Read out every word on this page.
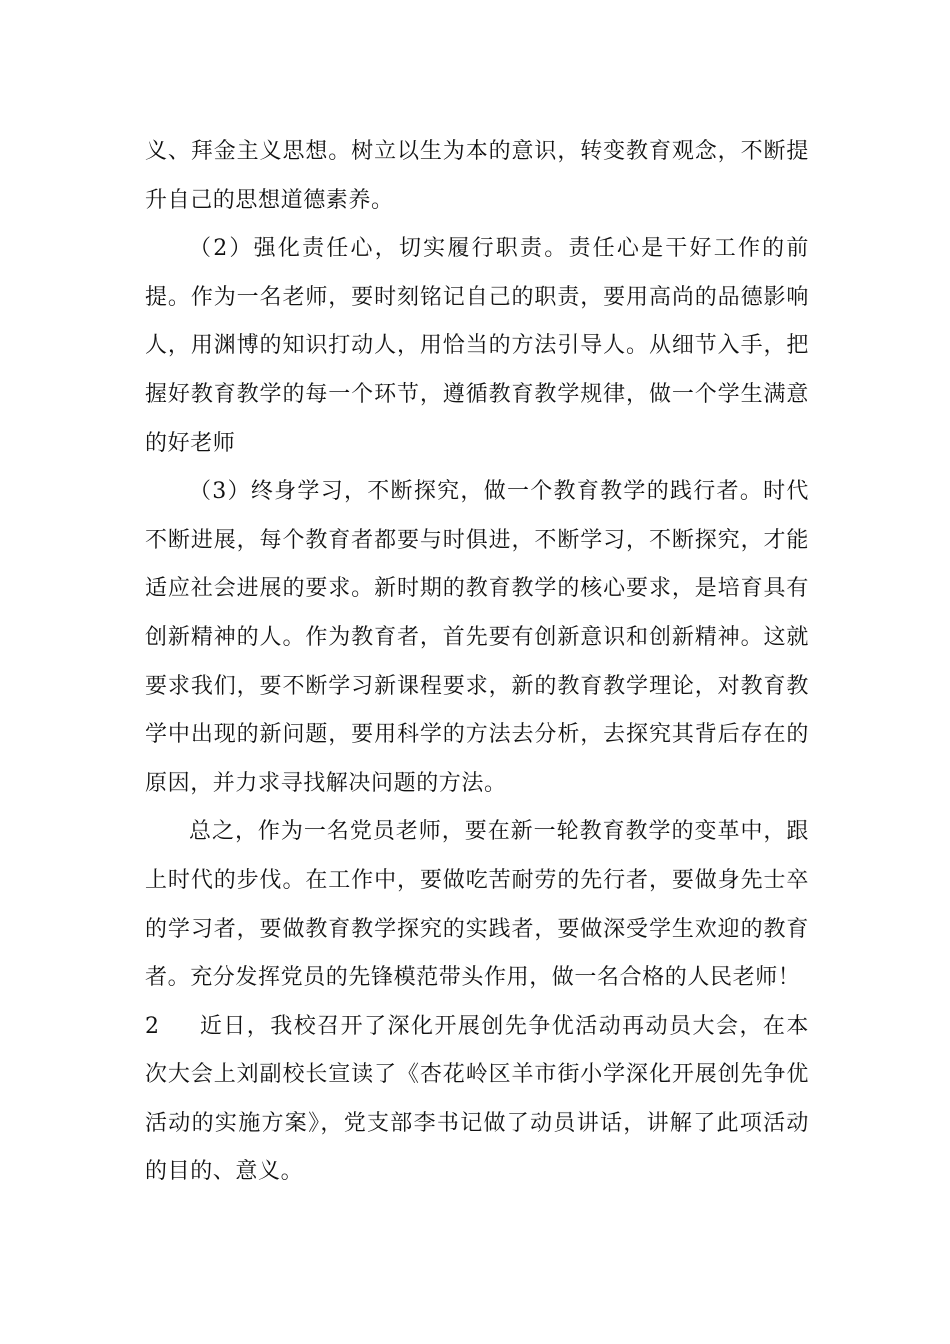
义、拜金主义思想。树立以生为本的意识，转变教育观念，不断提升自己的思想道德素养。

（2）强化责任心，切实履行职责。责任心是干好工作的前提。作为一名老师，要时刻铭记自己的职责，要用高尚的品德影响人，用渊博的知识打动人，用恰当的方法引导人。从细节入手，把握好教育教学的每一个环节，遵循教育教学规律，做一个学生满意的好老师

（3）终身学习，不断探究，做一个教育教学的践行者。时代不断进展，每个教育者都要与时俱进，不断学习，不断探究，才能适应社会进展的要求。新时期的教育教学的核心要求，是培育具有创新精神的人。作为教育者，首先要有创新意识和创新精神。这就要求我们，要不断学习新课程要求，新的教育教学理论，对教育教学中出现的新问题，要用科学的方法去分析，去探究其背后存在的原因，并力求寻找解决问题的方法。

总之，作为一名党员老师，要在新一轮教育教学的变革中，跟上时代的步伐。在工作中，要做吃苦耐劳的先行者，要做身先士卒的学习者，要做教育教学探究的实践者，要做深受学生欢迎的教育者。充分发挥党员的先锋模范带头作用，做一名合格的人民老师！

2 近日，我校召开了深化开展创先争优活动再动员大会，在本次大会上刘副校长宣读了《杏花岭区羊市街小学深化开展创先争优活动的实施方案》，党支部李书记做了动员讲话，讲解了此项活动的目的、意义。
